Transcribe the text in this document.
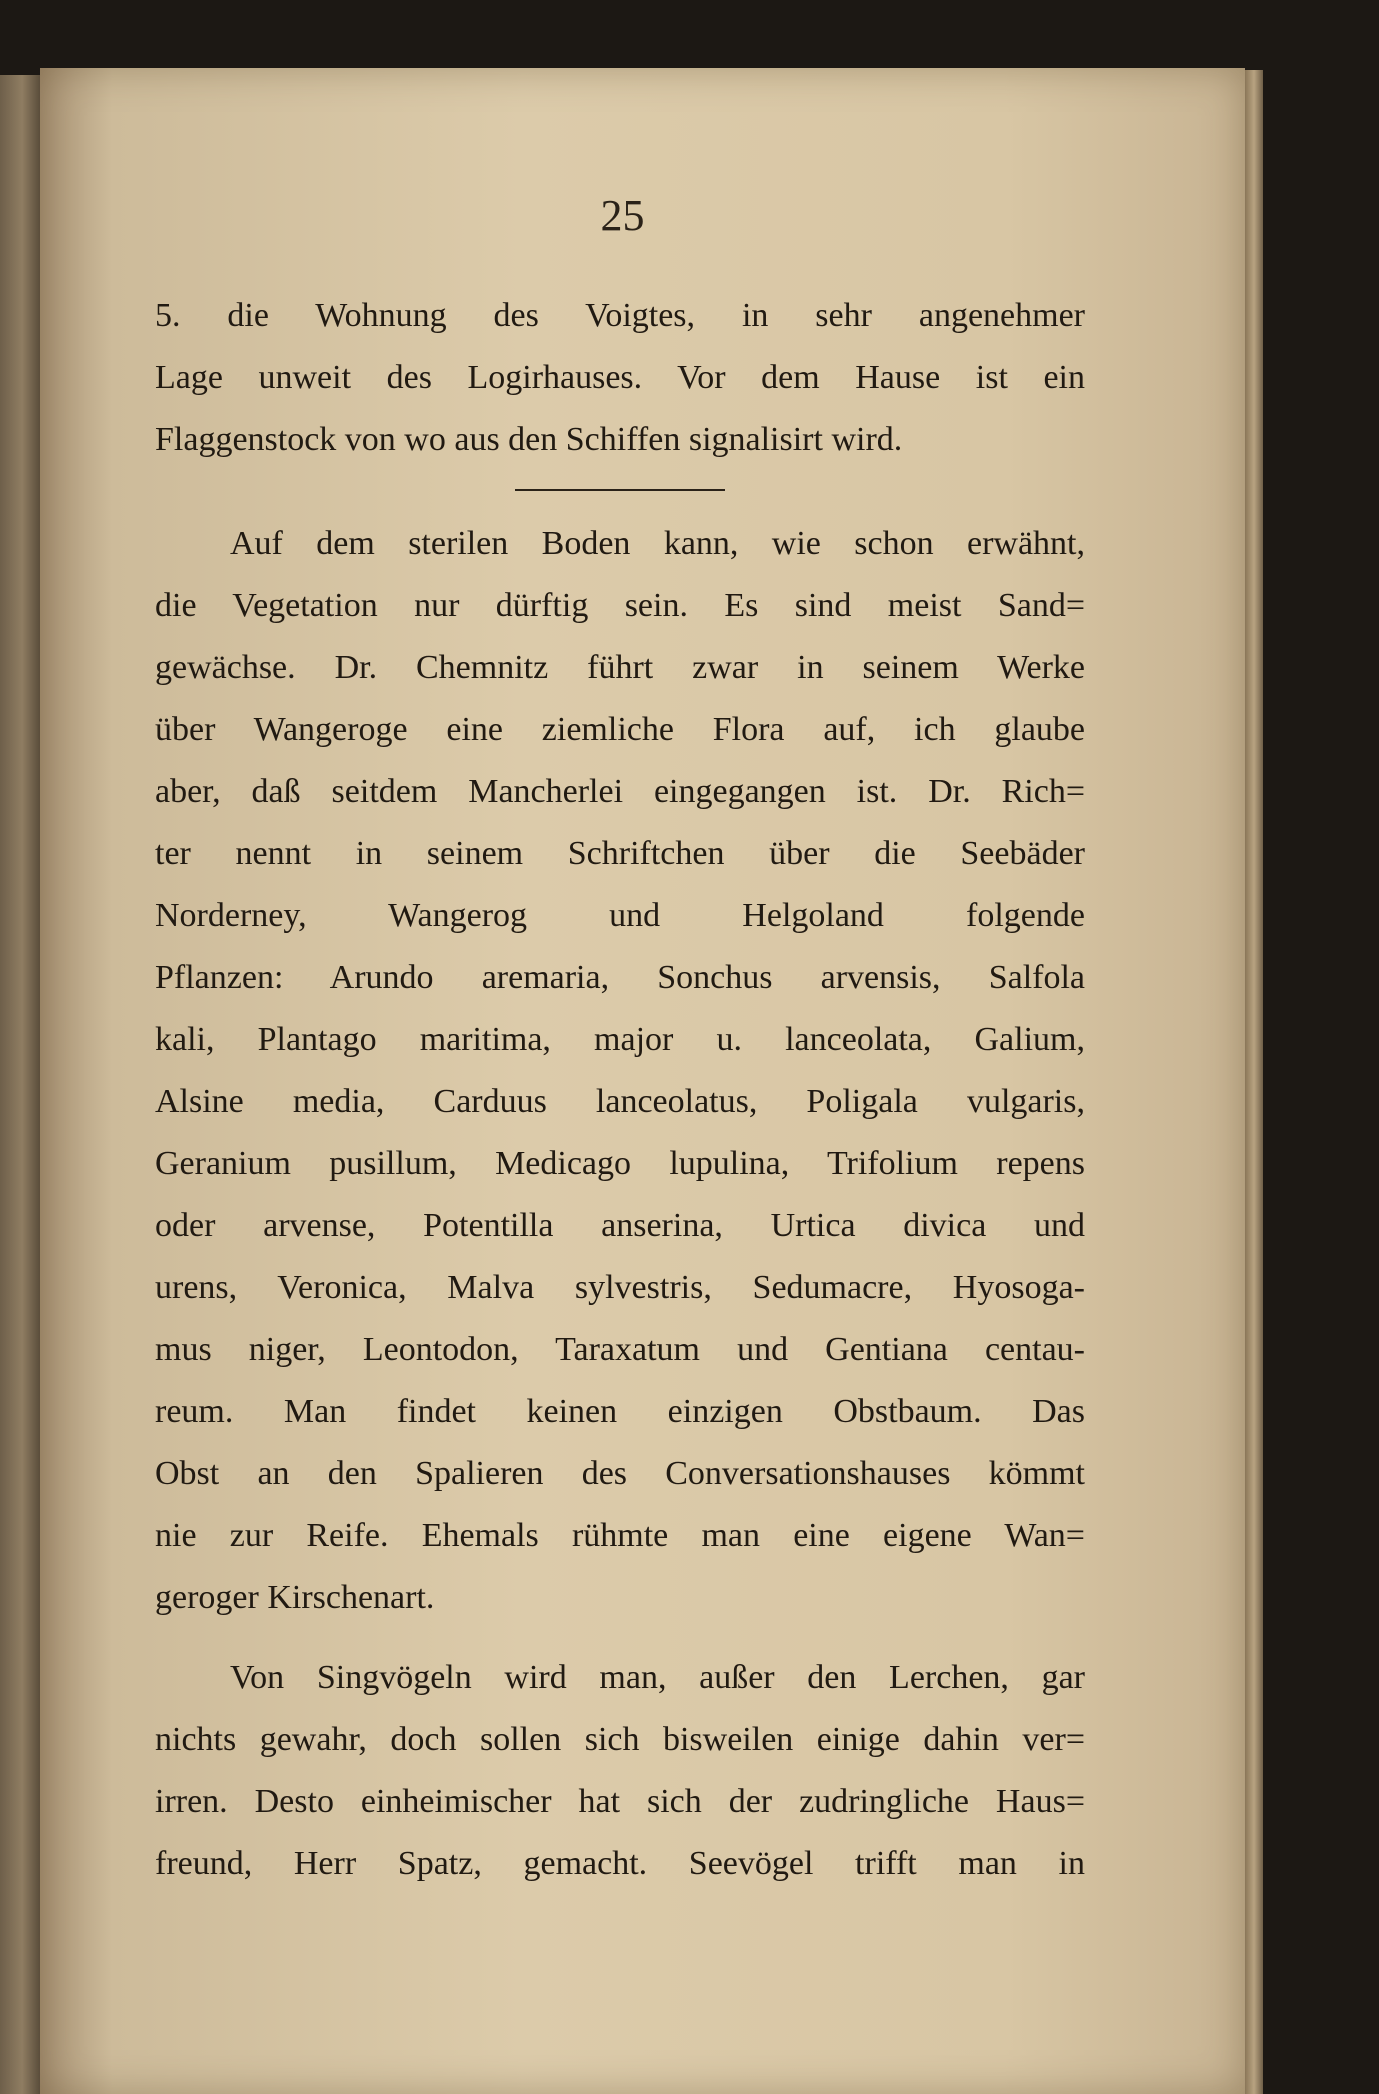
25
5. die Wohnung des Voigtes, in sehr angenehmer
Lage unweit des Logirhauses. Vor dem Hause ist ein
Flaggenstock von wo aus den Schiffen signalisirt wird.
Auf dem sterilen Boden kann, wie schon erwähnt,
die Vegetation nur dürftig sein. Es sind meist Sand=
gewächse. Dr. Chemnitz führt zwar in seinem Werke
über Wangeroge eine ziemliche Flora auf, ich glaube
aber, daß seitdem Mancherlei eingegangen ist. Dr. Rich=
ter nennt in seinem Schriftchen über die Seebäder
Norderney, Wangerog und Helgoland folgende
Pflanzen: Arundo aremaria, Sonchus arvensis, Salfola
kali, Plantago maritima, major u. lanceolata, Galium,
Alsine media, Carduus lanceolatus, Poligala vulgaris,
Geranium pusillum, Medicago lupulina, Trifolium repens
oder arvense, Potentilla anserina, Urtica divica und
urens, Veronica, Malva sylvestris, Sedumacre, Hyosoga-
mus niger, Leontodon, Taraxatum und Gentiana centau-
reum. Man findet keinen einzigen Obstbaum. Das
Obst an den Spalieren des Conversationshauses kömmt
nie zur Reife. Ehemals rühmte man eine eigene Wan=
geroger Kirschenart.
Von Singvögeln wird man, außer den Lerchen, gar
nichts gewahr, doch sollen sich bisweilen einige dahin ver=
irren. Desto einheimischer hat sich der zudringliche Haus=
freund, Herr Spatz, gemacht. Seevögel trifft man in
